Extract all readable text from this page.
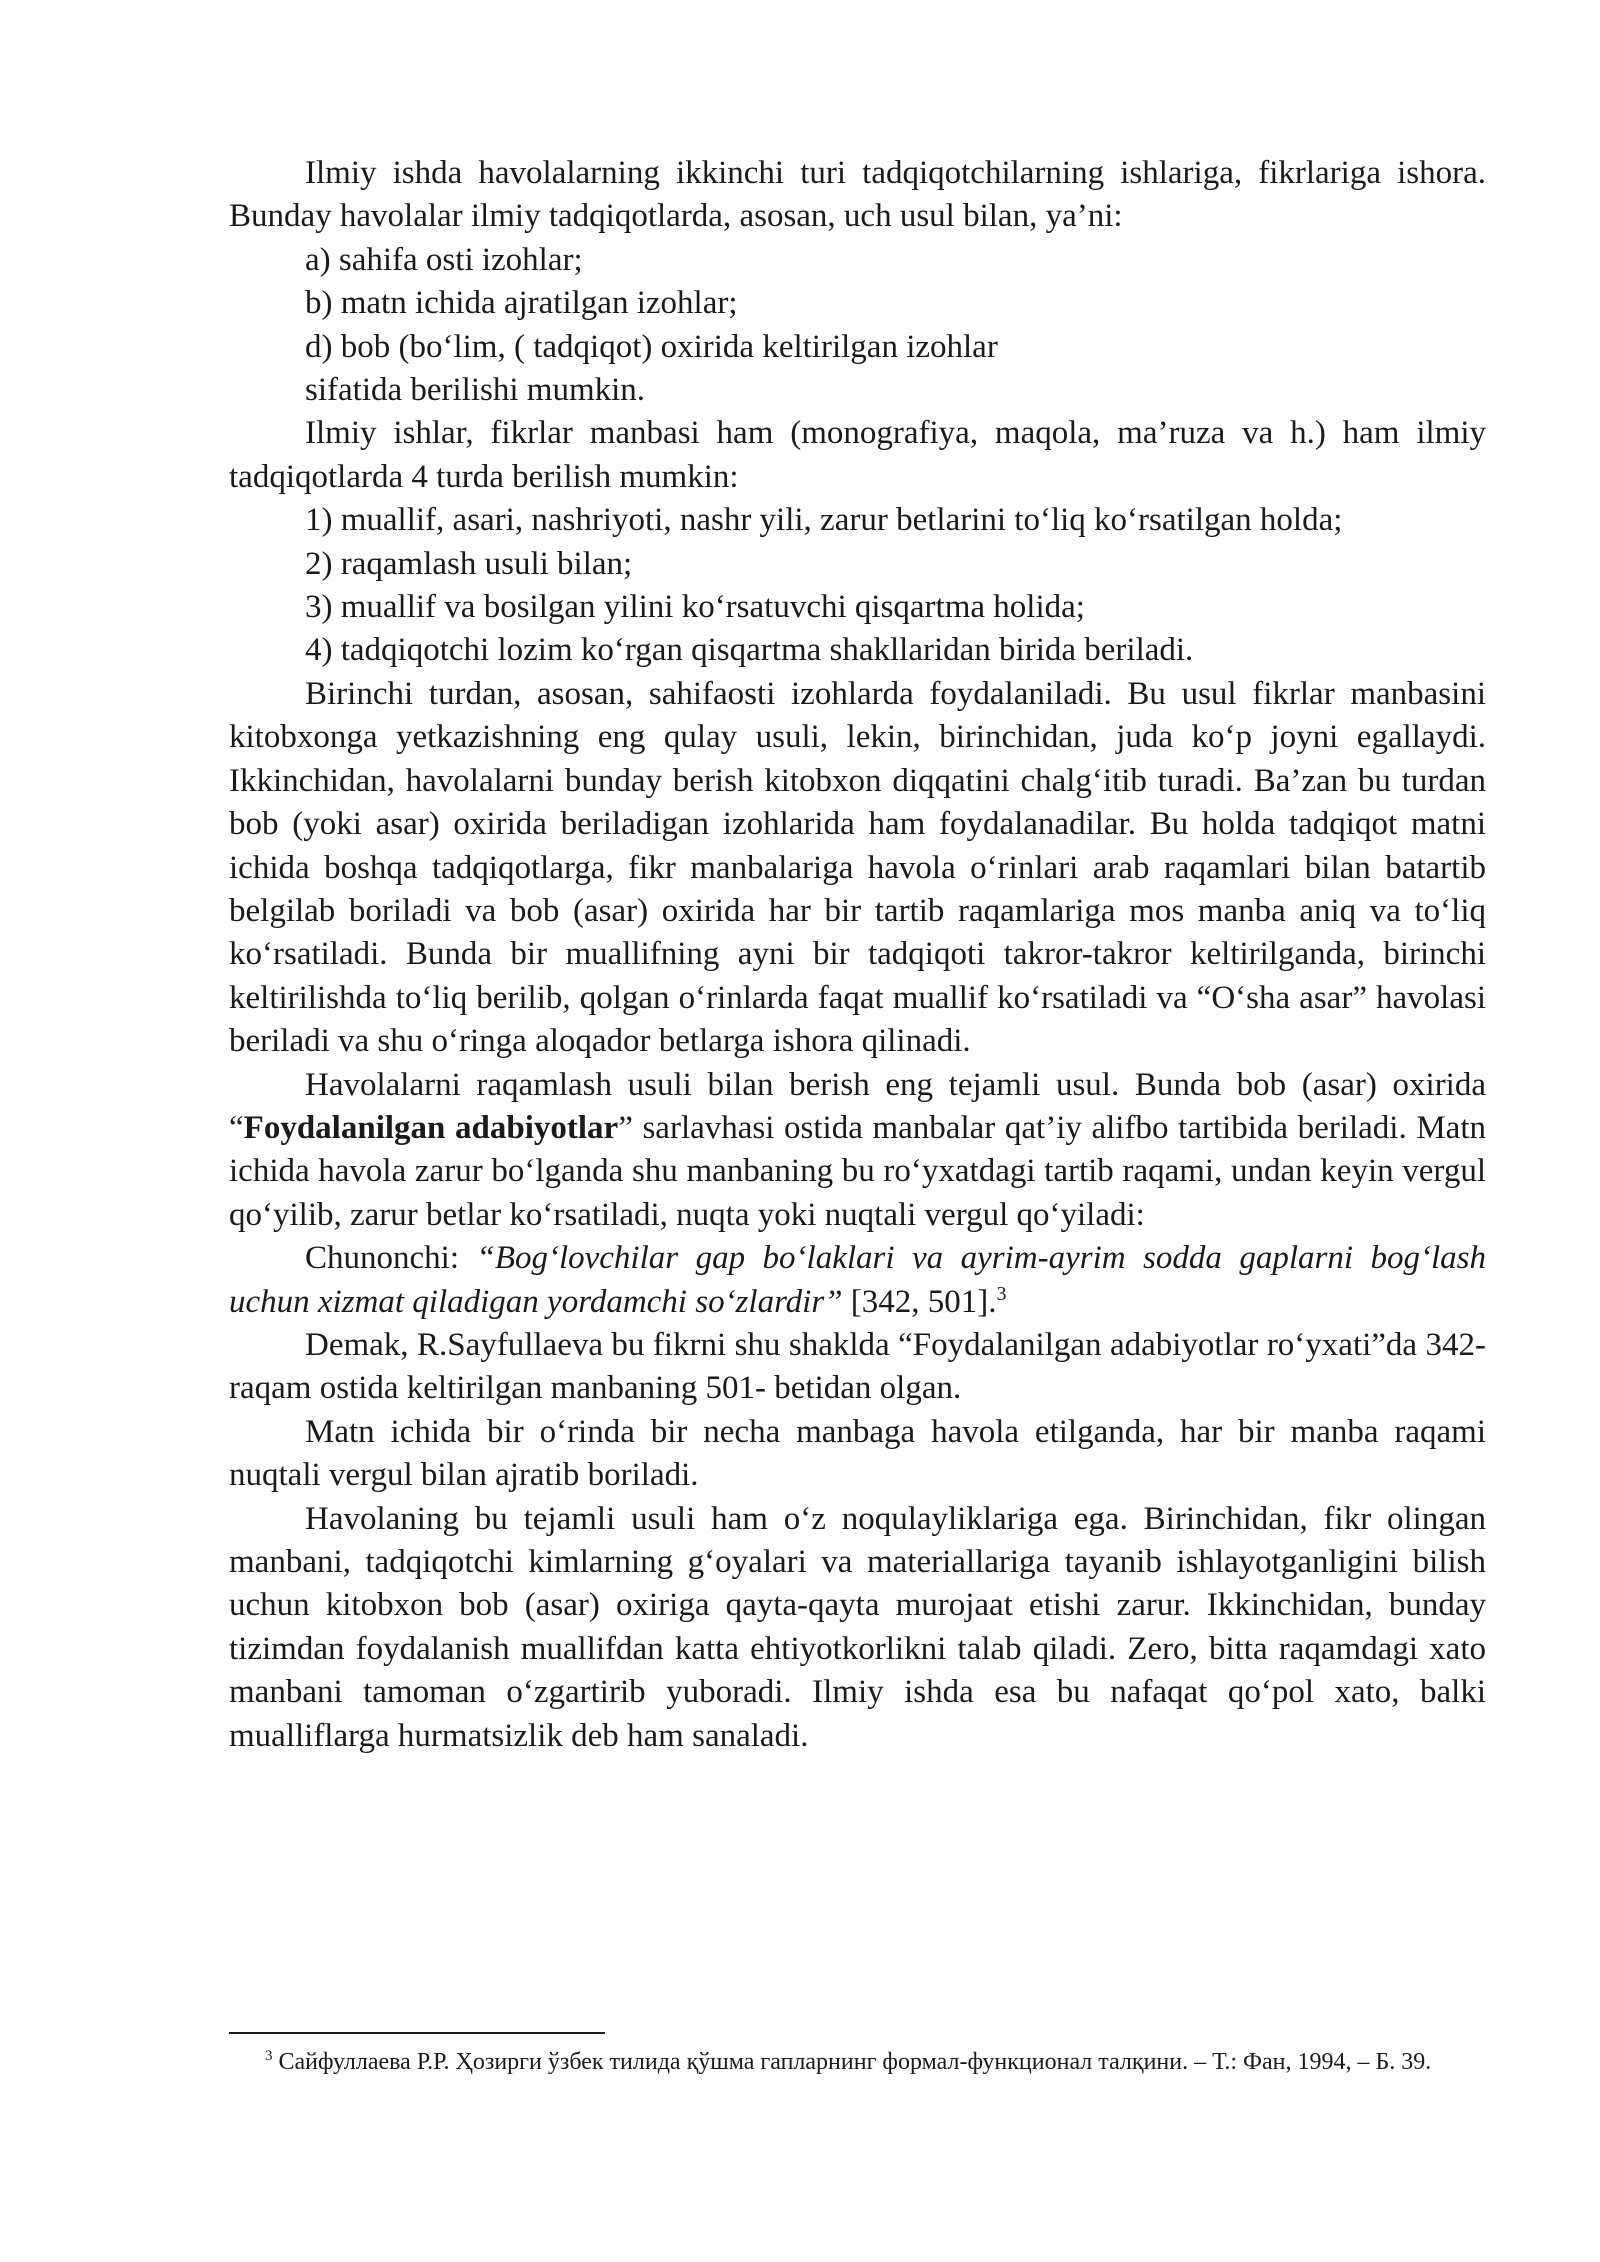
Ilmiy ishda havolalarning ikkinchi turi tadqiqotchilarning ishlariga, fikrlariga ishora. Bunday havolalar ilmiy tadqiqotlarda, asosan, uch usul bilan, ya’ni:

a) sahifa osti izohlar;

b) matn ichida ajratilgan izohlar;

d) bob (bo‘lim, ( tadqiqot) oxirida keltirilgan izohlar

sifatida berilishi mumkin.

Ilmiy ishlar, fikrlar manbasi ham (monografiya, maqola, ma’ruza va h.) ham ilmiy tadqiqotlarda 4 turda berilish mumkin:

1) muallif, asari, nashriyoti, nashr yili, zarur betlarini to‘liq ko‘rsatilgan holda;

2) raqamlash usuli bilan;

3) muallif va bosilgan yilini ko‘rsatuvchi qisqartma holida;

4) tadqiqotchi lozim ko‘rgan qisqartma shakllaridan birida beriladi.

Birinchi turdan, asosan, sahifaosti izohlarda foydalaniladi. Bu usul fikrlar manbasini kitobxonga yetkazishning eng qulay usuli, lekin, birinchidan, juda ko‘p joyni egallaydi. Ikkinchidan, havolalarni bunday berish kitobxon diqqatini chalg‘itib turadi. Ba’zan bu turdan bob (yoki asar) oxirida beriladigan izohlarida ham foydalanadilar. Bu holda tadqiqot matni ichida boshqa tadqiqotlarga, fikr manbalariga havola o‘rinlari arab raqamlari bilan batartib belgilab boriladi va bob (asar) oxirida har bir tartib raqamlariga mos manba aniq va to‘liq ko‘rsatiladi. Bunda bir muallifning ayni bir tadqiqoti takror-takror keltirilganda, birinchi keltirilishda to‘liq berilib, qolgan o‘rinlarda faqat muallif ko‘rsatiladi va “O‘sha asar” havolasi beriladi va shu o‘ringa aloqador betlarga ishora qilinadi.

Havolalarni raqamlash usuli bilan berish eng tejamli usul. Bunda bob (asar) oxirida “Foydalanilgan adabiyotlar” sarlavhasi ostida manbalar qat’iy alifbo tartibida beriladi. Matn ichida havola zarur bo‘lganda shu manbaning bu ro‘yxatdagi tartib raqami, undan keyin vergul qo‘yilib, zarur betlar ko‘rsatiladi, nuqta yoki nuqtali vergul qo‘yiladi:

Chunonchi: “Bog‘lovchilar gap bo‘laklari va ayrim-ayrim sodda gaplarni bog‘lash uchun xizmat qiladigan yordamchi so‘zlardir” [342, 501].$^3$

Demak, R.Sayfullaeva bu fikrni shu shaklda “Foydalanilgan adabiyotlar ro‘yxati”da 342- raqam ostida keltirilgan manbaning 501- betidan olgan.

Matn ichida bir o‘rinda bir necha manbaga havola etilganda, har bir manba raqami nuqtali vergul bilan ajratib boriladi.

Havolaning bu tejamli usuli ham o‘z noqulayliklariga ega. Birinchidan, fikr olingan manbani, tadqiqotchi kimlarning g‘oyalari va materiallariga tayanib ishlayotganligini bilish uchun kitobxon bob (asar) oxiriga qayta-qayta murojaat etishi zarur. Ikkinchidan, bunday tizimdan foydalanish muallifdan katta ehtiyotkorlikni talab qiladi. Zero, bitta raqamdagi xato manbani tamoman o‘zgartirib yuboradi. Ilmiy ishda esa bu nafaqat qo‘pol xato, balki mualliflarga hurmatsizlik deb ham sanaladi.

$^3$ Сайфуллаева Р.Р. Ҳозирги ўзбек тилида қўшма гапларнинг формал-функционал талқини. – Т.: Фан, 1994, – Б. 39.
